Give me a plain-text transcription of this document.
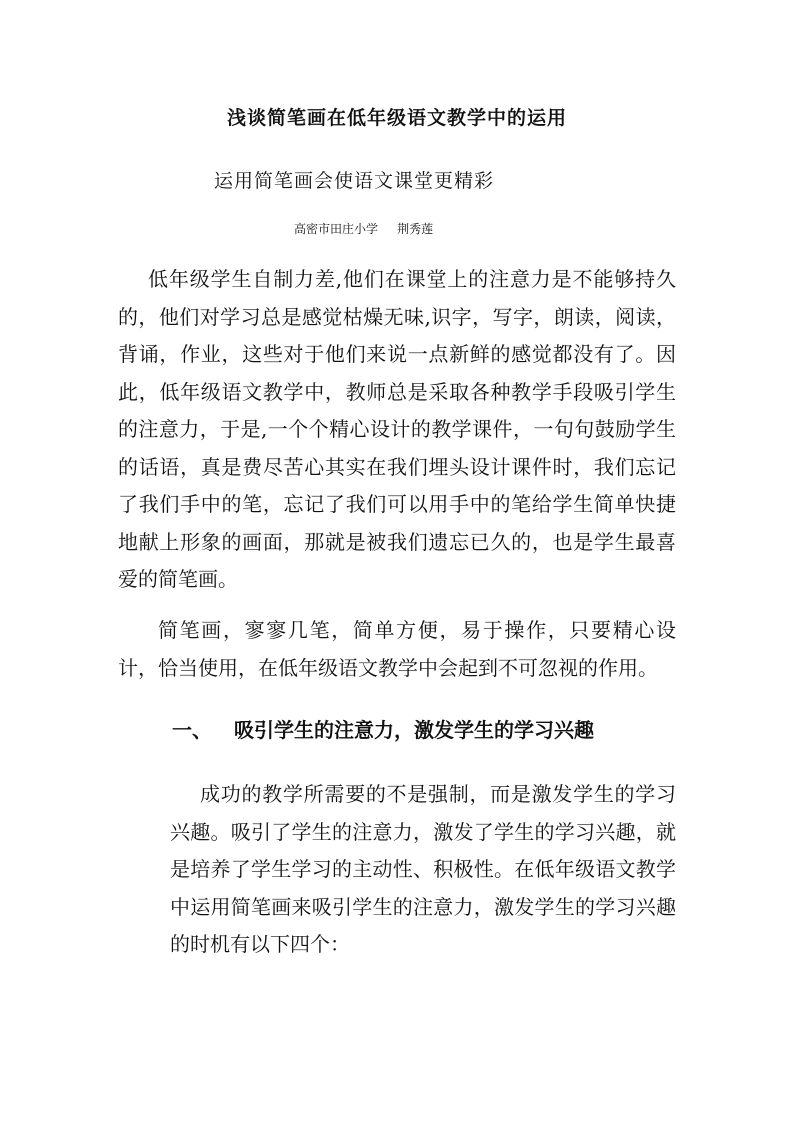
浅谈简笔画在低年级语文教学中的运用

运用简笔画会使语文课堂更精彩

高密市田庄小学     荆秀莲

低年级学生自制力差,他们在课堂上的注意力是不能够持久的，他们对学习总是感觉枯燥无味,识字，写字，朗读，阅读，背诵，作业，这些对于他们来说一点新鲜的感觉都没有了。因此，低年级语文教学中，教师总是采取各种教学手段吸引学生的注意力，于是,一个个精心设计的教学课件，一句句鼓励学生的话语，真是费尽苦心其实在我们埋头设计课件时，我们忘记了我们手中的笔，忘记了我们可以用手中的笔给学生简单快捷地献上形象的画面，那就是被我们遗忘已久的，也是学生最喜爱的简笔画。

简笔画，寥寥几笔，简单方便，易于操作，只要精心设计，恰当使用，在低年级语文教学中会起到不可忽视的作用。

一、 吸引学生的注意力，激发学生的学习兴趣

成功的教学所需要的不是强制，而是激发学生的学习兴趣。吸引了学生的注意力，激发了学生的学习兴趣，就是培养了学生学习的主动性、积极性。在低年级语文教学中运用简笔画来吸引学生的注意力，激发学生的学习兴趣的时机有以下四个：
